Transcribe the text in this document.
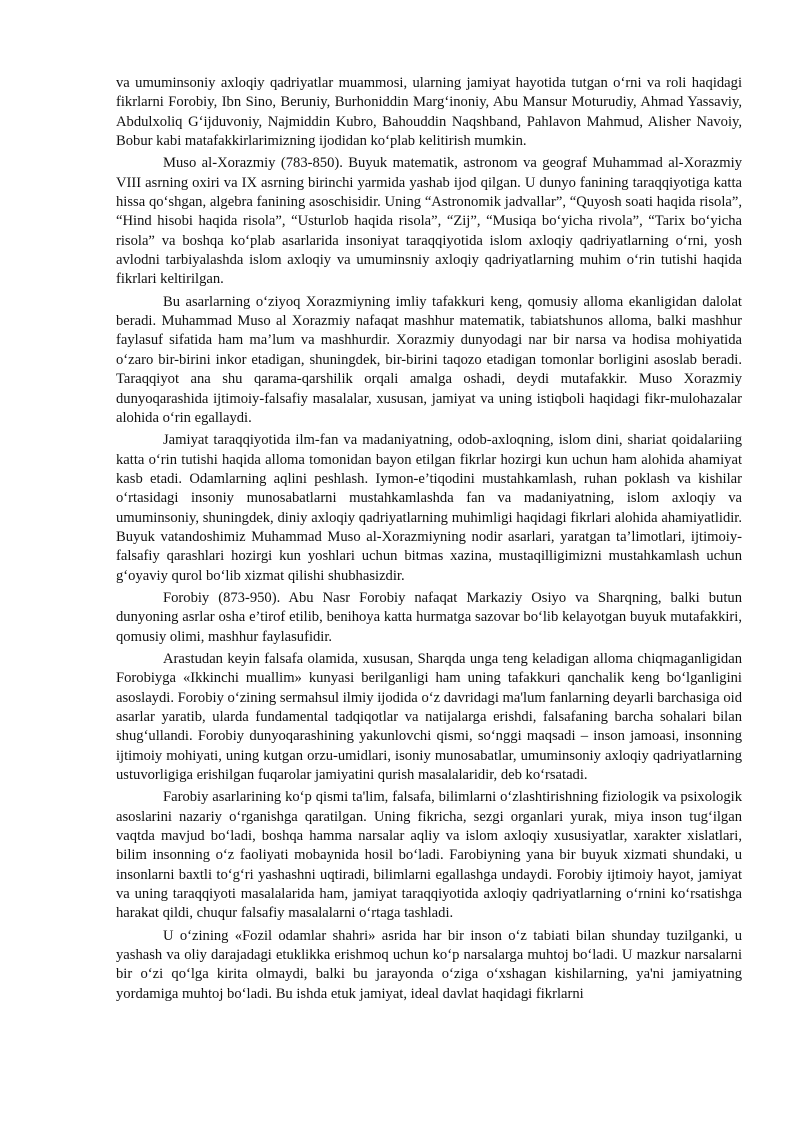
va umuminsoniy axloqiy qadriyatlar muammosi, ularning jamiyat hayotida tutgan o‘rni va roli haqidagi fikrlarni Forobiy, Ibn Sino, Beruniy, Burhoniddin Marg‘inoniy, Abu Mansur Moturudiy, Ahmad Yassaviy, Abdulxoliq G‘ijduvoniy, Najmiddin Kubro, Bahouddin Naqshband, Pahlavon Mahmud, Alisher Navoiy, Bobur kabi matafakkirlarimizning ijodidan ko‘plab kelitirish mumkin.

Muso al-Xorazmiy (783-850). Buyuk matematik, astronom va geograf Muhammad al-Xorazmiy VIII asrning oxiri va IX asrning birinchi yarmida yashab ijod qilgan. U dunyo fanining taraqqiyotiga katta hissa qo‘shgan, algebra fanining asoschisidir. Uning “Astronomik jadvallar”, “Quyosh soati haqida risola”, “Hind hisobi haqida risola”, “Usturlob haqida risola”, “Zij”, “Musiqa bo‘yicha rivola”, “Tarix bo‘yicha risola” va boshqa ko‘plab asarlarida insoniyat taraqqiyotida islom axloqiy qadriyatlarning o‘rni, yosh avlodni tarbiyalashda islom axloqiy va umuminsniy axloqiy qadriyatlarning muhim o‘rin tutishi haqida fikrlari keltirilgan.

Bu asarlarning o‘ziyoq Xorazmiyning imliy tafakkuri keng, qomusiy alloma ekanligidan dalolat beradi. Muhammad Muso al Xorazmiy nafaqat mashhur matematik, tabiatshunos alloma, balki mashhur faylasuf sifatida ham ma’lum va mashhurdir. Xorazmiy dunyodagi nar bir narsa va hodisa mohiyatida o‘zaro bir-birini inkor etadigan, shuningdek, bir-birini taqozo etadigan tomonlar borligini asoslab beradi. Taraqqiyot ana shu qarama-qarshilik orqali amalga oshadi, deydi mutafakkir. Muso Xorazmiy dunyoqarashida ijtimoiy-falsafiy masalalar, xususan, jamiyat va uning istiqboli haqidagi fikr-mulohazalar alohida o‘rin egallaydi.

Jamiyat taraqqiyotida ilm-fan va madaniyatning, odob-axloqning, islom dini, shariat qoidalariing katta o‘rin tutishi haqida alloma tomonidan bayon etilgan fikrlar hozirgi kun uchun ham alohida ahamiyat kasb etadi. Odamlarning aqlini peshlash. Iymon-e’tiqodini mustahkamlash, ruhan poklash va kishilar o‘rtasidagi insoniy munosabatlarni mustahkamlashda fan va madaniyatning, islom axloqiy va umuminsoniy, shuningdek, diniy axloqiy qadriyatlarning muhimligi haqidagi fikrlari alohida ahamiyatlidir. Buyuk vatandoshimiz Muhammad Muso al-Xorazmiyning nodir asarlari, yaratgan ta’limotlari, ijtimoiy-falsafiy qarashlari hozirgi kun yoshlari uchun bitmas xazina, mustaqilligimizni mustahkamlash uchun g‘oyaviy qurol bo‘lib xizmat qilishi shubhasizdir.

Forobiy (873-950). Abu Nasr Forobiy nafaqat Markaziy Osiyo va Sharqning, balki butun dunyoning asrlar osha e’tirof etilib, benihoya katta hurmatga sazovar bo‘lib kelayotgan buyuk mutafakkiri, qomusiy olimi, mashhur faylasufidir.

Arastudan keyin falsafa olamida, xususan, Sharqda unga teng keladigan alloma chiqmaganligidan Forobiyga «Ikkinchi muallim» kunyasi berilganligi ham uning tafakkuri qanchalik keng bo‘lganligini asoslaydi. Forobiy o‘zining sermahsul ilmiy ijodida o‘z davridagi ma'lum fanlarning deyarli barchasiga oid asarlar yaratib, ularda fundamental tadqiqotlar va natijalarga erishdi, falsafaning barcha sohalari bilan shug‘ullandi. Forobiy dunyoqarashining yakunlovchi qismi, so‘nggi maqsadi – inson jamoasi, insonning ijtimoiy mohiyati, uning kutgan orzu-umidlari, isoniy munosabatlar, umuminsoniy axloqiy qadriyatlarning ustuvorligiga erishilgan fuqarolar jamiyatini qurish masalalaridir, deb ko‘rsatadi.

Farobiy asarlarining ko‘p qismi ta'lim, falsafa, bilimlarni o‘zlashtirishning fiziologik va psixologik asoslarini nazariy o‘rganishga qaratilgan. Uning fikricha, sezgi organlari yurak, miya inson tug‘ilgan vaqtda mavjud bo‘ladi, boshqa hamma narsalar aqliy va islom axloqiy xususiyatlar, xarakter xislatlari, bilim insonning o‘z faoliyati mobaynida hosil bo‘ladi. Farobiyning yana bir buyuk xizmati shundaki, u insonlarni baxtli to‘g‘ri yashashni uqtiradi, bilimlarni egallashga undaydi. Forobiy ijtimoiy hayot, jamiyat va uning taraqqiyoti masalalarida ham, jamiyat taraqqiyotida axloqiy qadriyatlarning o‘rnini ko‘rsatishga harakat qildi, chuqur falsafiy masalalarni o‘rtaga tashladi.

U o‘zining «Fozil odamlar shahri» asrida har bir inson o‘z tabiati bilan shunday tuzilganki, u yashash va oliy darajadagi etuklikka erishmoq uchun ko‘p narsalarga muhtoj bo‘ladi. U mazkur narsalarni bir o‘zi qo‘lga kirita olmaydi, balki bu jarayonda o‘ziga o‘xshagan kishilarning, ya'ni jamiyatning yordamiga muhtoj bo‘ladi. Bu ishda etuk jamiyat, ideal davlat haqidagi fikrlarni
